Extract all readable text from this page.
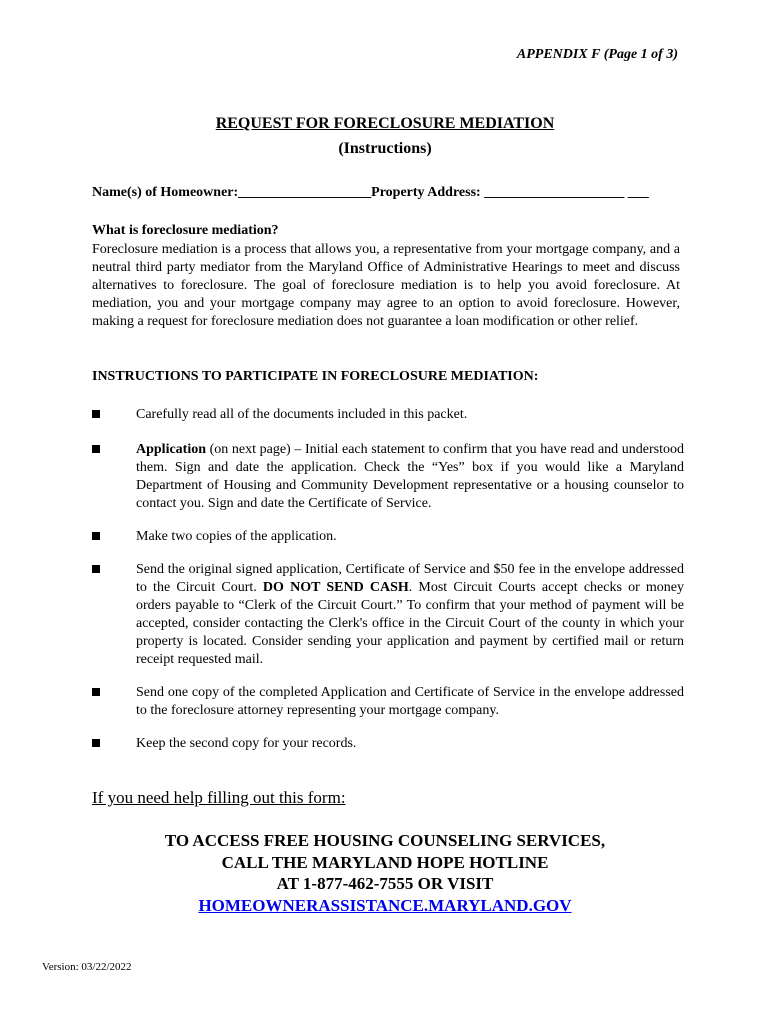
APPENDIX F (Page 1 of 3)
REQUEST FOR FORECLOSURE MEDIATION
(Instructions)
Name(s) of Homeowner:___________________Property Address: ____________________ ___
What is foreclosure mediation?
Foreclosure mediation is a process that allows you, a representative from your mortgage company, and a neutral third party mediator from the Maryland Office of Administrative Hearings to meet and discuss alternatives to foreclosure. The goal of foreclosure mediation is to help you avoid foreclosure. At mediation, you and your mortgage company may agree to an option to avoid foreclosure. However, making a request for foreclosure mediation does not guarantee a loan modification or other relief.
INSTRUCTIONS TO PARTICIPATE IN FORECLOSURE MEDIATION:
Carefully read all of the documents included in this packet.
Application (on next page) – Initial each statement to confirm that you have read and understood them. Sign and date the application. Check the “Yes” box if you would like a Maryland Department of Housing and Community Development representative or a housing counselor to contact you. Sign and date the Certificate of Service.
Make two copies of the application.
Send the original signed application, Certificate of Service and $50 fee in the envelope addressed to the Circuit Court. DO NOT SEND CASH. Most Circuit Courts accept checks or money orders payable to “Clerk of the Circuit Court.” To confirm that your method of payment will be accepted, consider contacting the Clerk's office in the Circuit Court of the county in which your property is located. Consider sending your application and payment by certified mail or return receipt requested mail.
Send one copy of the completed Application and Certificate of Service in the envelope addressed to the foreclosure attorney representing your mortgage company.
Keep the second copy for your records.
If you need help filling out this form:
TO ACCESS FREE HOUSING COUNSELING SERVICES,
CALL THE MARYLAND HOPE HOTLINE
AT 1-877-462-7555 OR VISIT
HOMEOWNERASSISTANCE.MARYLAND.GOV
Version: 03/22/2022
